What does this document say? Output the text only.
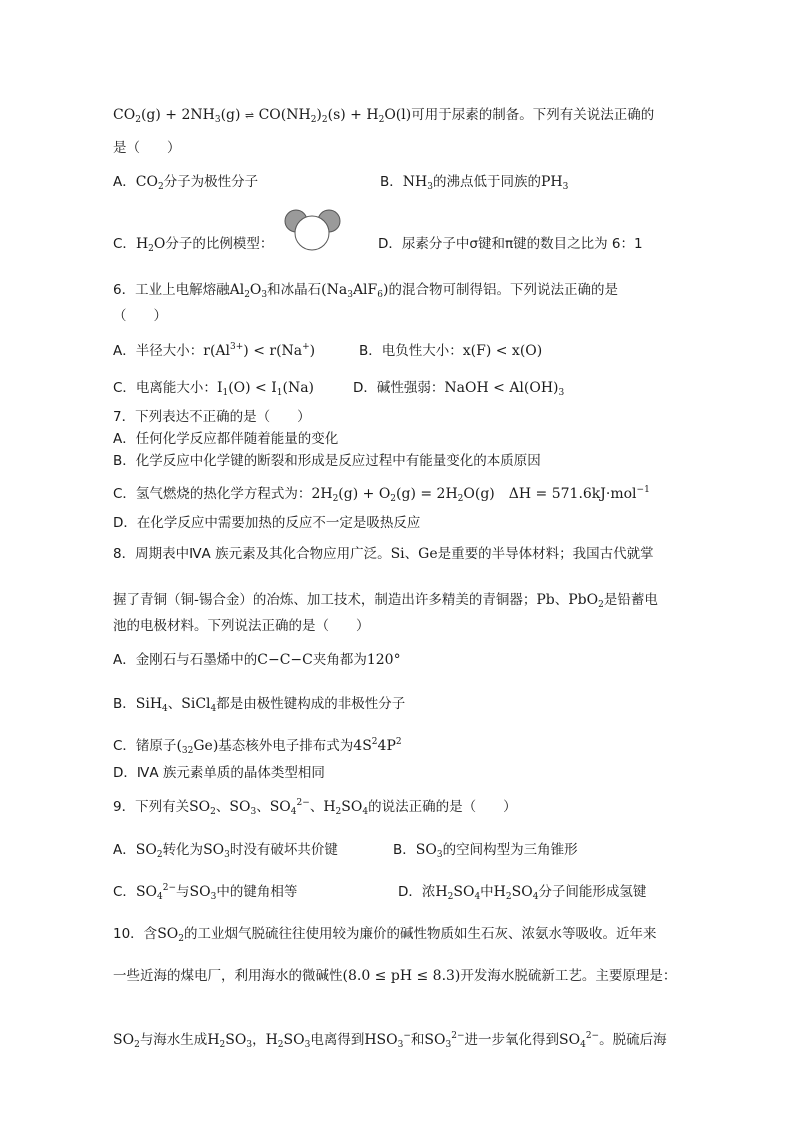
$CO_2(g) + 2NH_3(g)$ ⇌ $CO(NH_2)_2(s) + H_2O(l)$可用于尿素的制备。下列有关说法正确的
是（　　）
A．$CO_2$分子为极性分子	B．$NH_3$的沸点低于同族的$PH_3$
C．$H_2O$分子的比例模型：	D．尿素分子中σ键和π键的数目之比为 6：1
6．工业上电解熔融$Al_2O_3$和冰晶石$(Na_3AlF_6)$的混合物可制得铝。下列说法正确的是
（　　）
A．半径大小：$r(Al^{3+}) < r(Na^+)$	B．电负性大小：x(F) < x(O)
C．电离能大小：$I_1(O) < I_1(Na)$	D．碱性强弱：NaOH < $Al(OH)_3$
7．下列表达不正确的是（　　）
A．任何化学反应都伴随着能量的变化
B．化学反应中化学键的断裂和形成是反应过程中有能量变化的本质原因
C．氢气燃烧的热化学方程式为：$2H_2(g) + O_2(g) = 2H_2O(g)$　ΔH = 571.6kJ·mol$^{-1}$
D．在化学反应中需要加热的反应不一定是吸热反应
8．周期表中ⅣA 族元素及其化合物应用广泛。Si、Ge是重要的半导体材料；我国古代就掌
握了青铜（铜-锡合金）的冶炼、加工技术，制造出许多精美的青铜器；Pb、PbO$_2$是铅蓄电
池的电极材料。下列说法正确的是（　　）
A．金刚石与石墨烯中的C−C−C夹角都为120°
B．SiH$_4$、SiCl$_4$都是由极性键构成的非极性分子
C．锗原子$(_{32}Ge)$基态核外电子排布式为$4S^24P^2$
D．ⅣA 族元素单质的晶体类型相同
9．下列有关$SO_2$、$SO_3$、$SO_4^{2-}$、$H_2SO_4$的说法正确的是（　　）
A．$SO_2$转化为$SO_3$时没有破坏共价键	B．$SO_3$的空间构型为三角锥形
C．$SO_4^{2-}$与$SO_3$中的键角相等	D．浓$H_2SO_4$中$H_2SO_4$分子间能形成氢键
10．含$SO_2$的工业烟气脱硫往往使用较为廉价的碱性物质如生石灰、浓氨水等吸收。近年来
一些近海的煤电厂，利用海水的微碱性(8.0 ≤ pH ≤ 8.3)开发海水脱硫新工艺。主要原理是：
$SO_2$与海水生成$H_2SO_3$，$H_2SO_3$电离得到$HSO_3^-$和$SO_3^{2-}$进一步氧化得到$SO_4^{2-}$。脱硫后海
